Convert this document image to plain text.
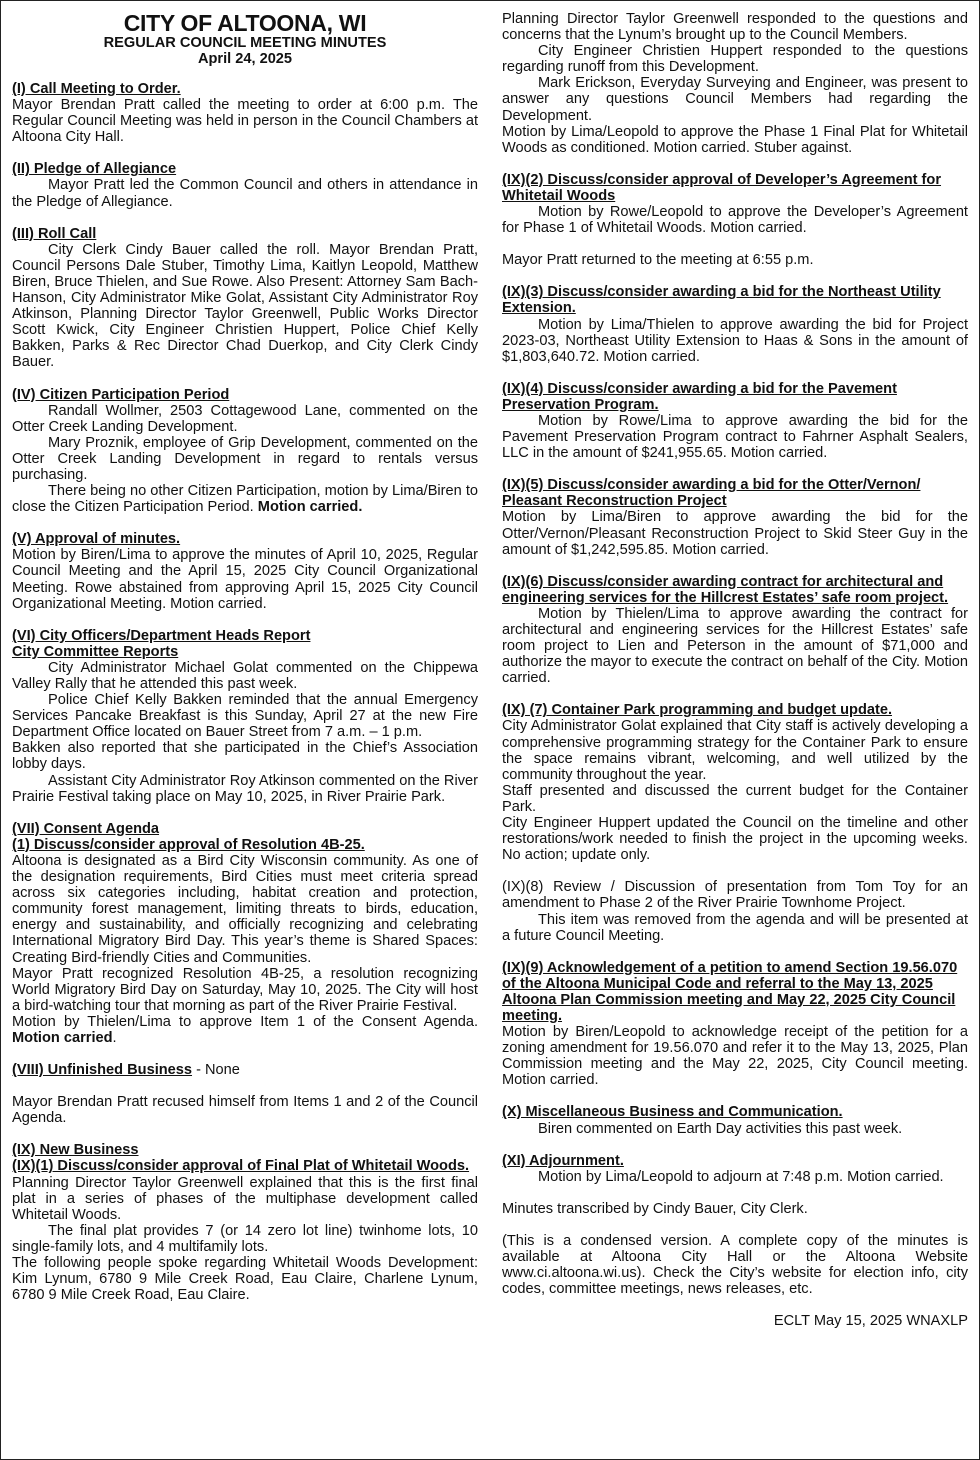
CITY OF ALTOONA, WI
REGULAR COUNCIL MEETING MINUTES
April 24, 2025
(I) Call Meeting to Order.

Mayor Brendan Pratt called the meeting to order at 6:00 p.m. The Regular Council Meeting was held in person in the Council Chambers at Altoona City Hall.

(II) Pledge of Allegiance

Mayor Pratt led the Common Council and others in attendance in the Pledge of Allegiance.

(III) Roll Call

City Clerk Cindy Bauer called the roll. Mayor Brendan Pratt, Council Persons Dale Stuber, Timothy Lima, Kaitlyn Leopold, Matthew Biren, Bruce Thielen, and Sue Rowe. Also Present: Attorney Sam Bach-Hanson, City Administrator Mike Golat, Assistant City Administrator Roy Atkinson, Planning Director Taylor Greenwell, Public Works Director Scott Kwick, City Engineer Christien Huppert, Police Chief Kelly Bakken, Parks & Rec Director Chad Duerkop, and City Clerk Cindy Bauer.

(IV) Citizen Participation Period

Randall Wollmer, 2503 Cottagewood Lane, commented on the Otter Creek Landing Development.

Mary Proznik, employee of Grip Development, commented on the Otter Creek Landing Development in regard to rentals versus purchasing.

There being no other Citizen Participation, motion by Lima/Biren to close the Citizen Participation Period. Motion carried.

(V) Approval of minutes.

Motion by Biren/Lima to approve the minutes of April 10, 2025, Regular Council Meeting and the April 15, 2025 City Council Organizational Meeting. Rowe abstained from approving April 15, 2025 City Council Organizational Meeting. Motion carried.

(VI) City Officers/Department Heads Report
City Committee Reports

City Administrator Michael Golat commented on the Chippewa Valley Rally that he attended this past week.

Police Chief Kelly Bakken reminded that the annual Emergency Services Pancake Breakfast is this Sunday, April 27 at the new Fire Department Office located on Bauer Street from 7 a.m. – 1 p.m.

Bakken also reported that she participated in the Chief’s Association lobby days.

Assistant City Administrator Roy Atkinson commented on the River Prairie Festival taking place on May 10, 2025, in River Prairie Park.

(VII) Consent Agenda
(1) Discuss/consider approval of Resolution 4B-25.

Altoona is designated as a Bird City Wisconsin community. As one of the designation requirements, Bird Cities must meet criteria spread across six categories including, habitat creation and protection, community forest management, limiting threats to birds, education, energy and sustainability, and officially recognizing and celebrating International Migratory Bird Day. This year’s theme is Shared Spaces: Creating Bird-friendly Cities and Communities.

Mayor Pratt recognized Resolution 4B-25, a resolution recognizing World Migratory Bird Day on Saturday, May 10, 2025. The City will host a bird-watching tour that morning as part of the River Prairie Festival.

Motion by Thielen/Lima to approve Item 1 of the Consent Agenda. Motion carried.

(VIII) Unfinished Business - None

Mayor Brendan Pratt recused himself from Items 1 and 2 of the Council Agenda.

(IX) New Business
(IX)(1) Discuss/consider approval of Final Plat of Whitetail Woods.

Planning Director Taylor Greenwell explained that this is the first final plat in a series of phases of the multiphase development called Whitetail Woods.

The final plat provides 7 (or 14 zero lot line) twinhome lots, 10 single-family lots, and 4 multifamily lots.

The following people spoke regarding Whitetail Woods Development: Kim Lynum, 6780 9 Mile Creek Road, Eau Claire, Charlene Lynum, 6780 9 Mile Creek Road, Eau Claire.

Planning Director Taylor Greenwell responded to the questions and concerns that the Lynum’s brought up to the Council Members.

City Engineer Christien Huppert responded to the questions regarding runoff from this Development.

Mark Erickson, Everyday Surveying and Engineer, was present to answer any questions Council Members had regarding the Development.

Motion by Lima/Leopold to approve the Phase 1 Final Plat for Whitetail Woods as conditioned. Motion carried. Stuber against.

(IX)(2) Discuss/consider approval of Developer’s Agreement for Whitetail Woods

Motion by Rowe/Leopold to approve the Developer’s Agreement for Phase 1 of Whitetail Woods. Motion carried.

Mayor Pratt returned to the meeting at 6:55 p.m.

(IX)(3) Discuss/consider awarding a bid for the Northeast Utility Extension.

Motion by Lima/Thielen to approve awarding the bid for Project 2023-03, Northeast Utility Extension to Haas & Sons in the amount of $1,803,640.72. Motion carried.

(IX)(4) Discuss/consider awarding a bid for the Pavement Preservation Program.

Motion by Rowe/Lima to approve awarding the bid for the Pavement Preservation Program contract to Fahrner Asphalt Sealers, LLC in the amount of $241,955.65. Motion carried.

(IX)(5) Discuss/consider awarding a bid for the Otter/Vernon/ Pleasant Reconstruction Project

Motion by Lima/Biren to approve awarding the bid for the Otter/Vernon/Pleasant Reconstruction Project to Skid Steer Guy in the amount of $1,242,595.85. Motion carried.

(IX)(6) Discuss/consider awarding contract for architectural and engineering services for the Hillcrest Estates’ safe room project.

Motion by Thielen/Lima to approve awarding the contract for architectural and engineering services for the Hillcrest Estates’ safe room project to Lien and Peterson in the amount of $71,000 and authorize the mayor to execute the contract on behalf of the City. Motion carried.

(IX) (7) Container Park programming and budget update.

City Administrator Golat explained that City staff is actively developing a comprehensive programming strategy for the Container Park to ensure the space remains vibrant, welcoming, and well utilized by the community throughout the year.

Staff presented and discussed the current budget for the Container Park.

City Engineer Huppert updated the Council on the timeline and other restorations/work needed to finish the project in the upcoming weeks. No action; update only.

(IX)(8) Review / Discussion of presentation from Tom Toy for an amendment to Phase 2 of the River Prairie Townhome Project.

This item was removed from the agenda and will be presented at a future Council Meeting.

(IX)(9) Acknowledgement of a petition to amend Section 19.56.070 of the Altoona Municipal Code and referral to the May 13, 2025 Altoona Plan Commission meeting and May 22, 2025 City Council meeting.

Motion by Biren/Leopold to acknowledge receipt of the petition for a zoning amendment for 19.56.070 and refer it to the May 13, 2025, Plan Commission meeting and the May 22, 2025, City Council meeting. Motion carried.

(X) Miscellaneous Business and Communication.

Biren commented on Earth Day activities this past week.

(XI) Adjournment.

Motion by Lima/Leopold to adjourn at 7:48 p.m. Motion carried.

Minutes transcribed by Cindy Bauer, City Clerk.

(This is a condensed version. A complete copy of the minutes is available at Altoona City Hall or the Altoona Website www.ci.altoona.wi.us). Check the City’s website for election info, city codes, committee meetings, news releases, etc.

ECLT May 15, 2025 WNAXLP
